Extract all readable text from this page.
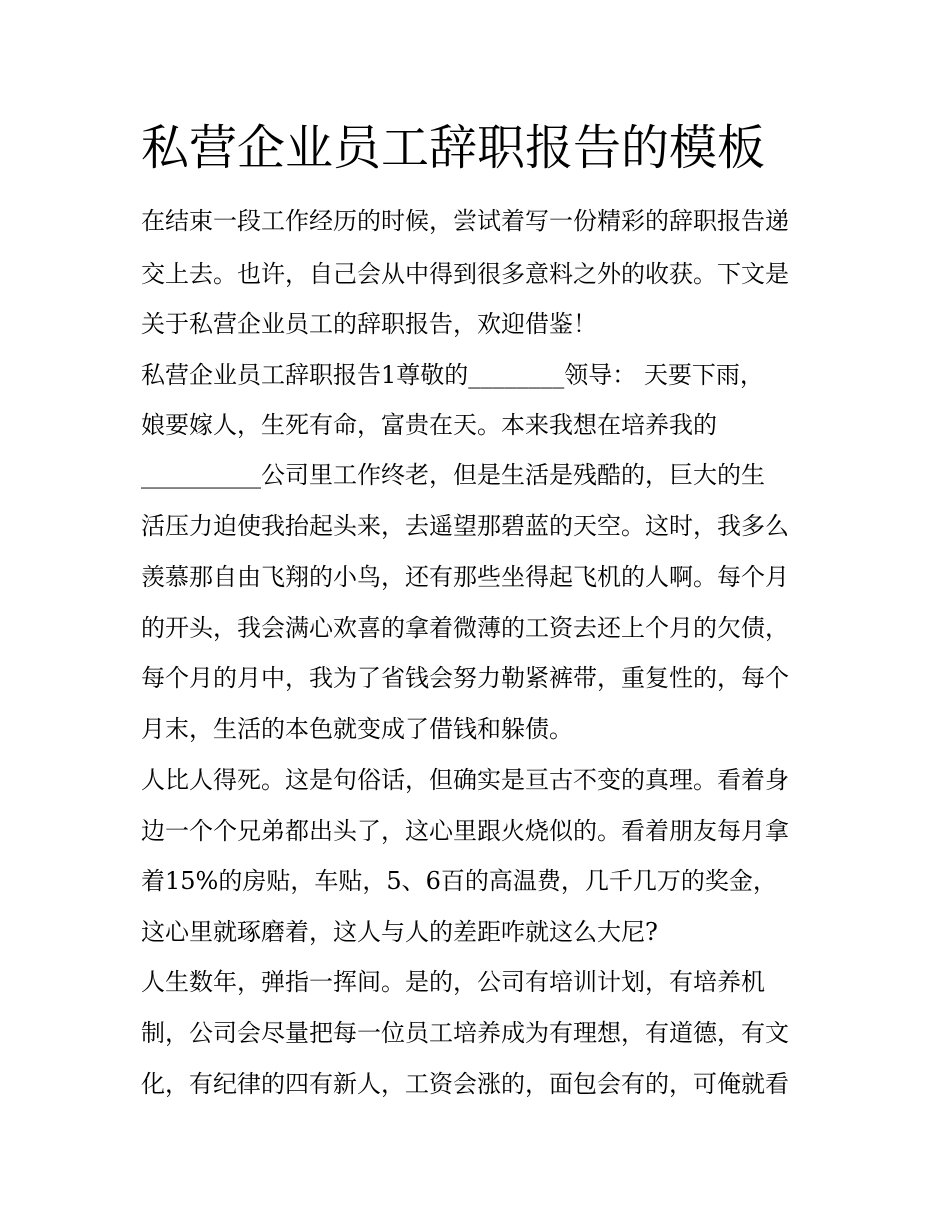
私营企业员工辞职报告的模板
在结束一段工作经历的时候，尝试着写一份精彩的辞职报告递
交上去。也许，自己会从中得到很多意料之外的收获。下文是
关于私营企业员工的辞职报告，欢迎借鉴！
私营企业员工辞职报告1尊敬的________领导： 天要下雨，
娘要嫁人，生死有命，富贵在天。本来我想在培养我的
__________公司里工作终老，但是生活是残酷的，巨大的生
活压力迫使我抬起头来，去遥望那碧蓝的天空。这时，我多么
羡慕那自由飞翔的小鸟，还有那些坐得起飞机的人啊。每个月
的开头，我会满心欢喜的拿着微薄的工资去还上个月的欠债，
每个月的月中，我为了省钱会努力勒紧裤带，重复性的，每个
月末，生活的本色就变成了借钱和躲债。
人比人得死。这是句俗话，但确实是亘古不变的真理。看着身
边一个个兄弟都出头了，这心里跟火烧似的。看着朋友每月拿
着15%的房贴，车贴，5、6百的高温费，几千几万的奖金，
这心里就琢磨着，这人与人的差距咋就这么大尼?
人生数年，弹指一挥间。是的，公司有培训计划，有培养机
制，公司会尽量把每一位员工培养成为有理想，有道德，有文
化，有纪律的四有新人，工资会涨的，面包会有的，可俺就看
